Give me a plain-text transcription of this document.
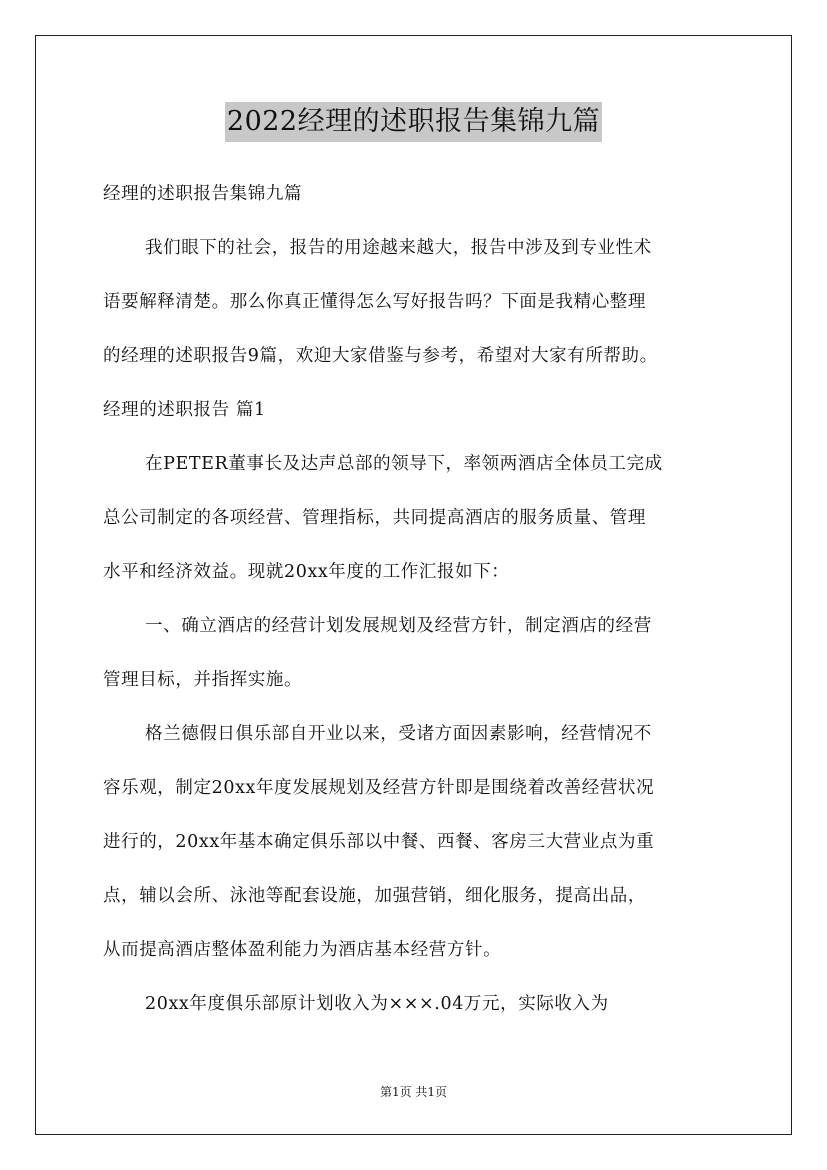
2022经理的述职报告集锦九篇
经理的述职报告集锦九篇
我们眼下的社会，报告的用途越来越大，报告中涉及到专业性术
语要解释清楚。那么你真正懂得怎么写好报告吗？下面是我精心整理
的经理的述职报告9篇，欢迎大家借鉴与参考，希望对大家有所帮助。
经理的述职报告 篇1
在PETER董事长及达声总部的领导下，率领两酒店全体员工完成
总公司制定的各项经营、管理指标，共同提高酒店的服务质量、管理
水平和经济效益。现就20xx年度的工作汇报如下：
一、确立酒店的经营计划发展规划及经营方针，制定酒店的经营
管理目标，并指挥实施。
格兰德假日俱乐部自开业以来，受诸方面因素影响，经营情况不
容乐观，制定20xx年度发展规划及经营方针即是围绕着改善经营状况
进行的，20xx年基本确定俱乐部以中餐、西餐、客房三大营业点为重
点，辅以会所、泳池等配套设施，加强营销，细化服务，提高出品，
从而提高酒店整体盈利能力为酒店基本经营方针。
20xx年度俱乐部原计划收入为×××.04万元，实际收入为
第1页 共1页
